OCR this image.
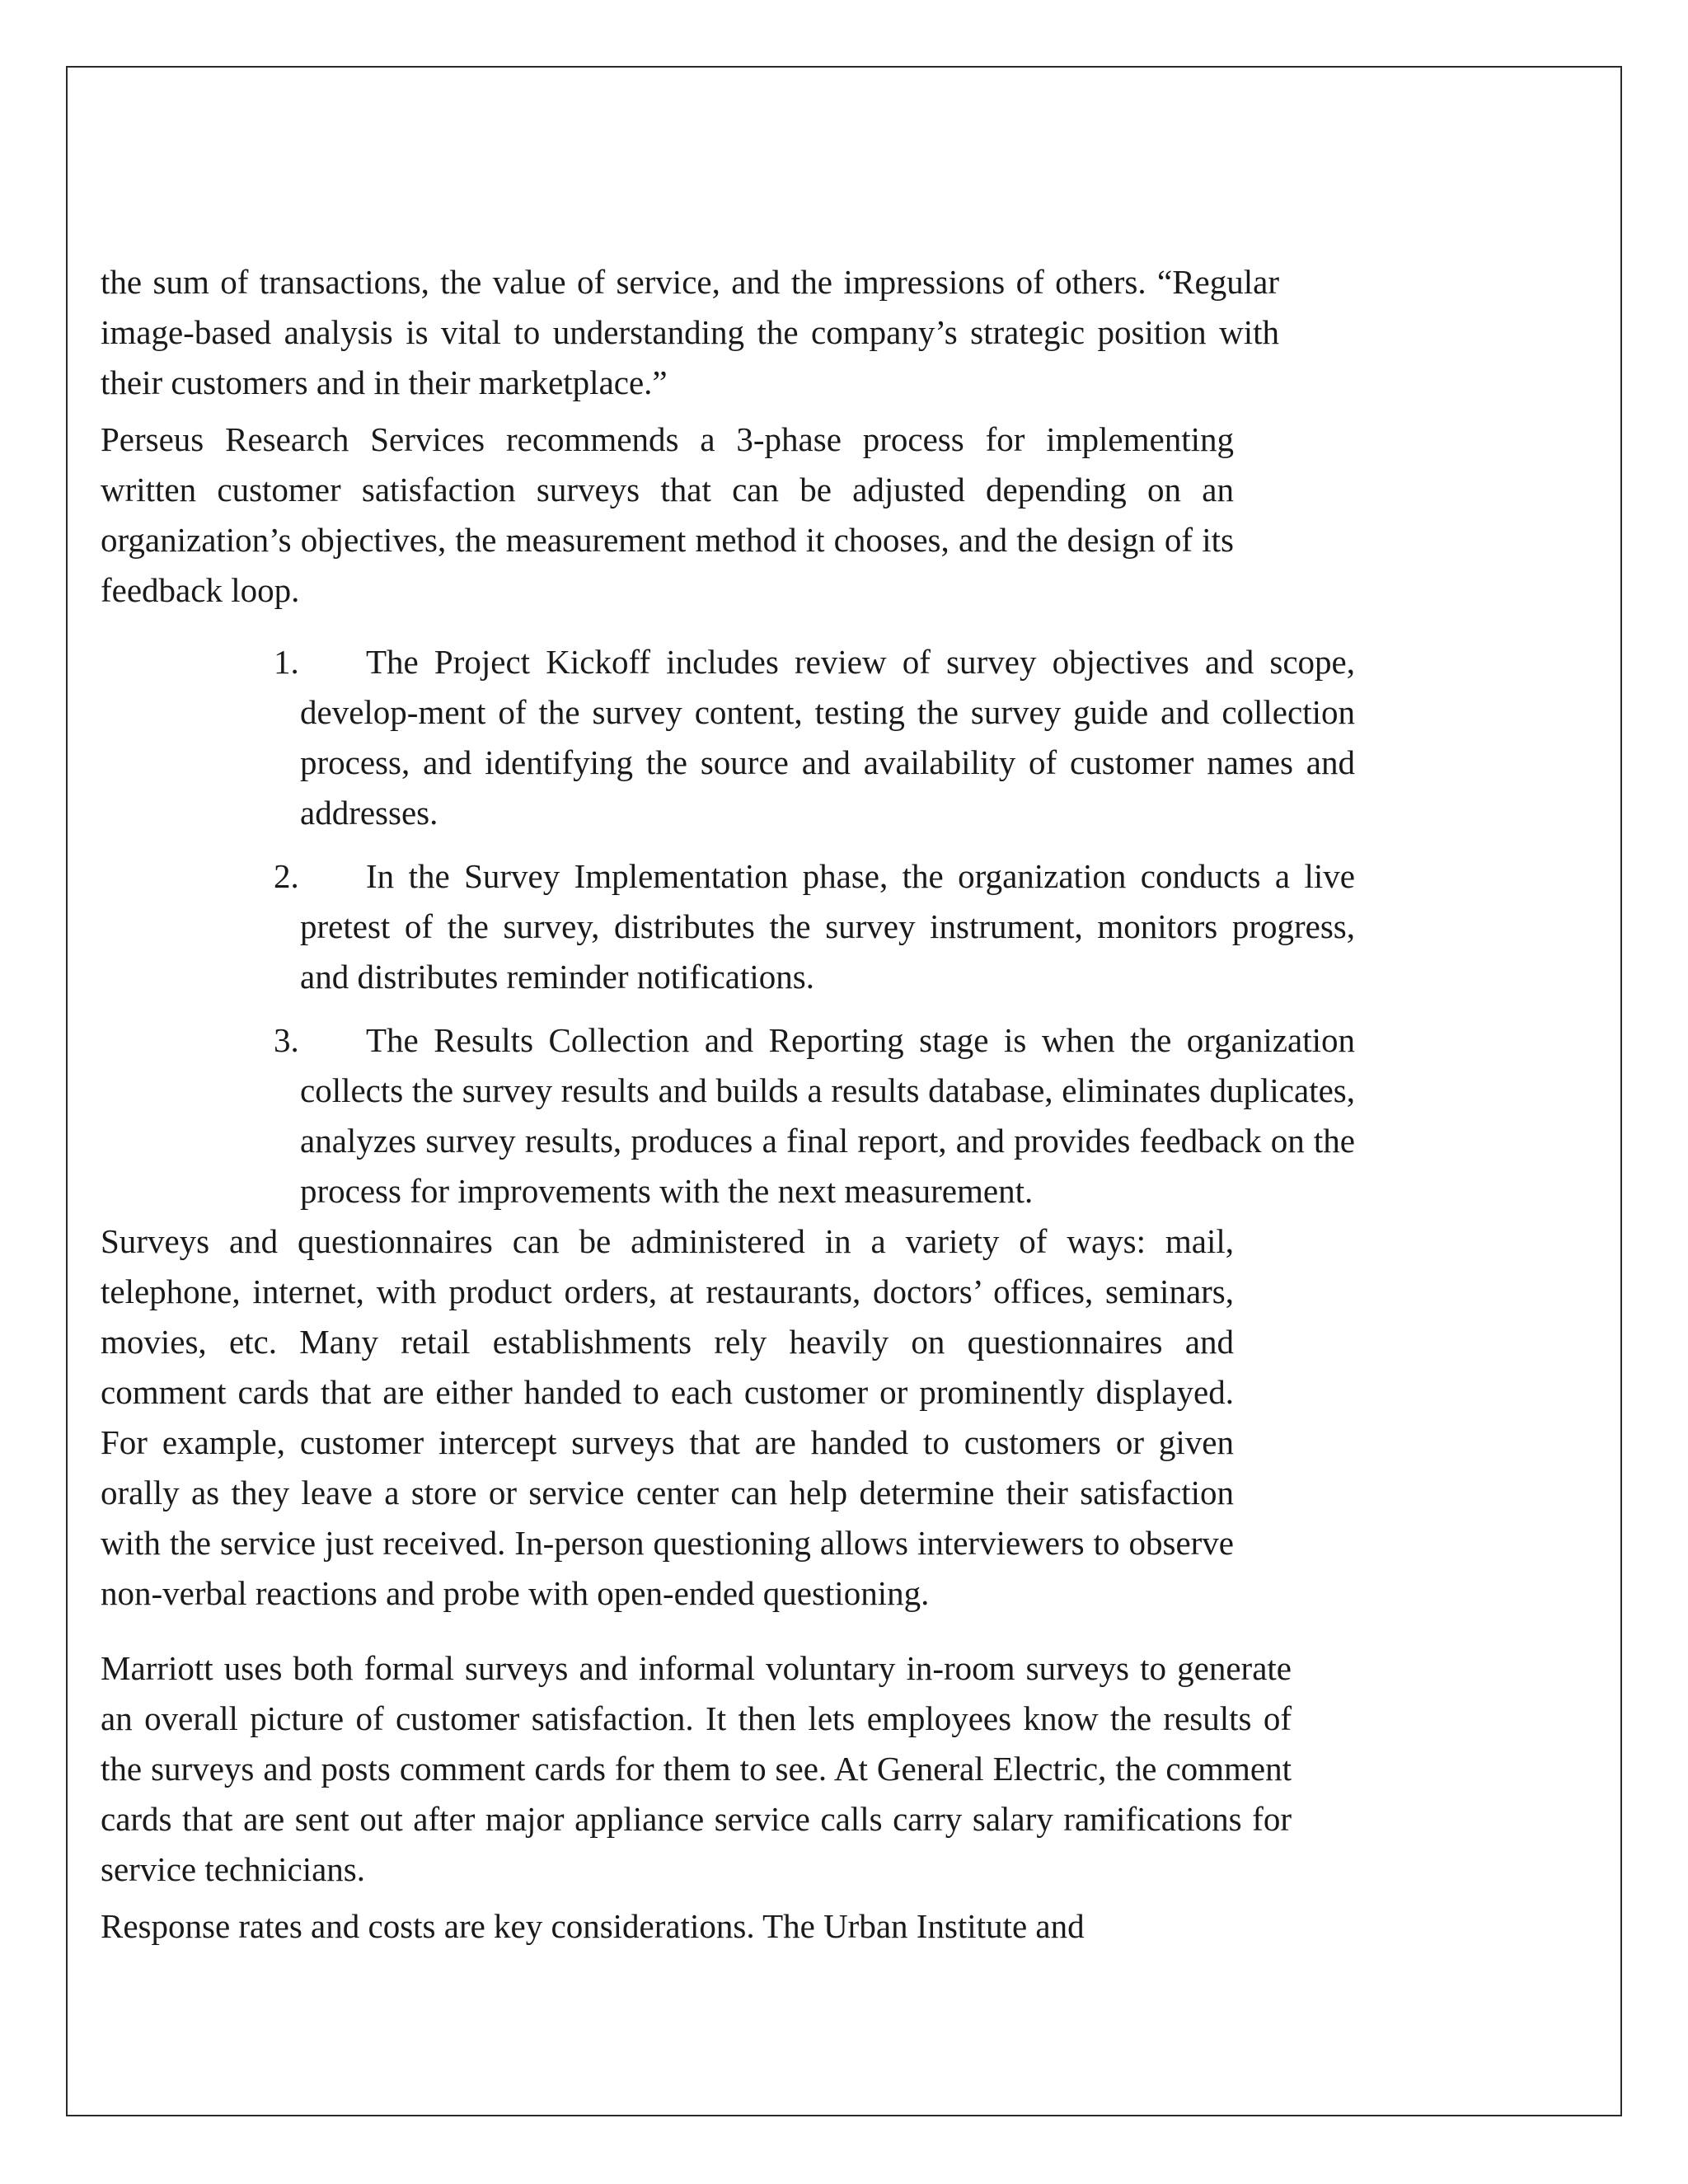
the sum of transactions, the value of service, and the impressions of others. “Regular image-based analysis is vital to understanding the company’s strategic position with their customers and in their marketplace.”

Perseus Research Services recommends a 3-phase process for implementing written customer satisfaction surveys that can be adjusted depending on an organization’s objectives, the measurement method it chooses, and the design of its feedback loop.

1.	The Project Kickoff includes review of survey objectives and scope, develop-ment of the survey content, testing the survey guide and collection process, and identifying the source and availability of customer names and addresses.

2.	In the Survey Implementation phase, the organization conducts a live pretest of the survey, distributes the survey instrument, monitors progress, and distributes reminder notifications.

3.	The Results Collection and Reporting stage is when the organization collects the survey results and builds a results database, eliminates duplicates, analyzes survey results, produces a final report, and provides feedback on the process for improvements with the next measurement.

Surveys and questionnaires can be administered in a variety of ways: mail, telephone, internet, with product orders, at restaurants, doctors’ offices, seminars, movies, etc. Many retail establishments rely heavily on questionnaires and comment cards that are either handed to each customer or prominently displayed. For example, customer intercept surveys that are handed to customers or given orally as they leave a store or service center can help determine their satisfaction with the service just received. In-person questioning allows interviewers to observe non-verbal reactions and probe with open-ended questioning.

Marriott uses both formal surveys and informal voluntary in-room surveys to generate an overall picture of customer satisfaction. It then lets employees know the results of the surveys and posts comment cards for them to see. At General Electric, the comment cards that are sent out after major appliance service calls carry salary ramifications for service technicians.

Response rates and costs are key considerations. The Urban Institute and
